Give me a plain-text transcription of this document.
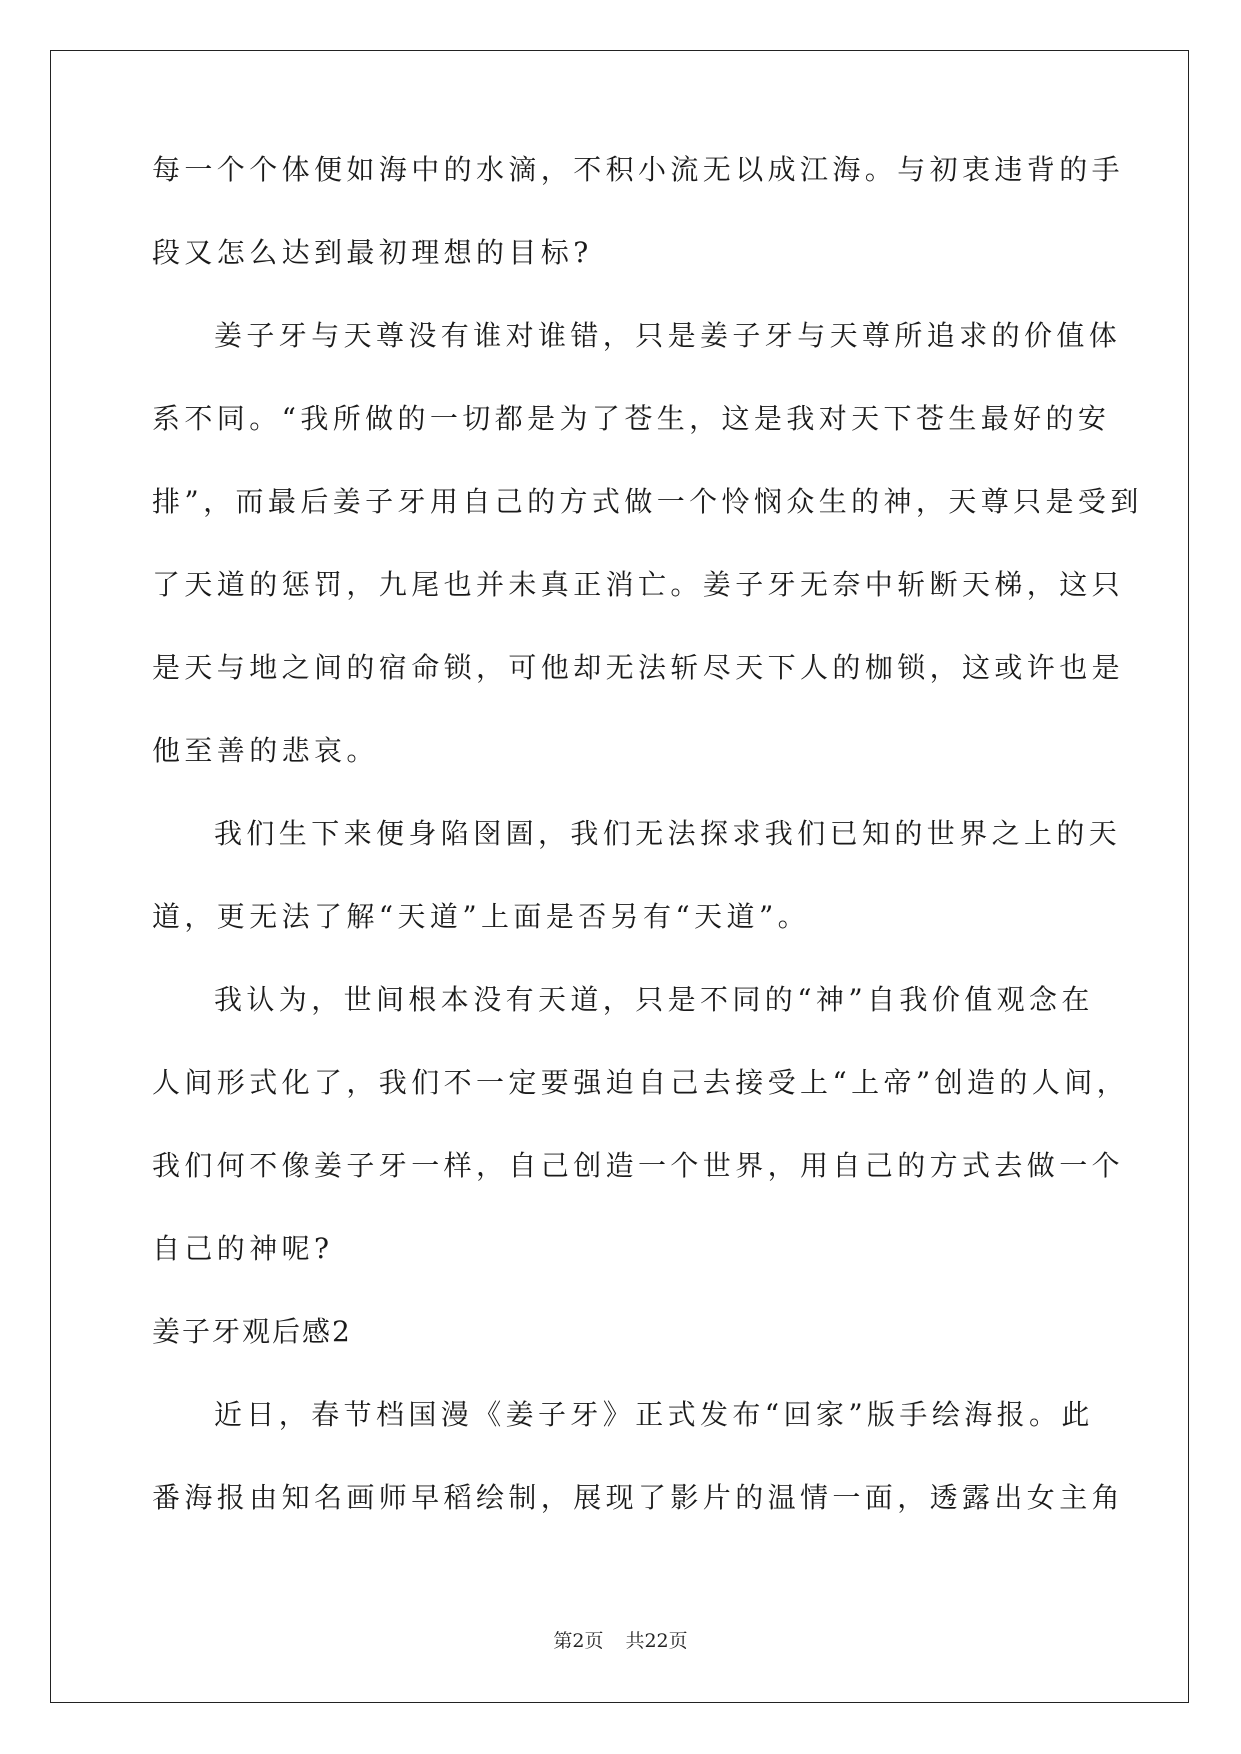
每一个个体便如海中的水滴，不积小流无以成江海。与初衷违背的手
段又怎么达到最初理想的目标?
姜子牙与天尊没有谁对谁错，只是姜子牙与天尊所追求的价值体
系不同。“我所做的一切都是为了苍生，这是我对天下苍生最好的安
排”，而最后姜子牙用自己的方式做一个怜悯众生的神，天尊只是受到
了天道的惩罚，九尾也并未真正消亡。姜子牙无奈中斩断天梯，这只
是天与地之间的宿命锁，可他却无法斩尽天下人的枷锁，这或许也是
他至善的悲哀。
我们生下来便身陷囹圄，我们无法探求我们已知的世界之上的天
道，更无法了解“天道”上面是否另有“天道”。
我认为，世间根本没有天道，只是不同的“神”自我价值观念在
人间形式化了，我们不一定要强迫自己去接受上“上帝”创造的人间，
我们何不像姜子牙一样，自己创造一个世界，用自己的方式去做一个
自己的神呢?
姜子牙观后感2
近日，春节档国漫《姜子牙》正式发布“回家”版手绘海报。此
番海报由知名画师早稻绘制，展现了影片的温情一面，透露出女主角
第2页 共22页
